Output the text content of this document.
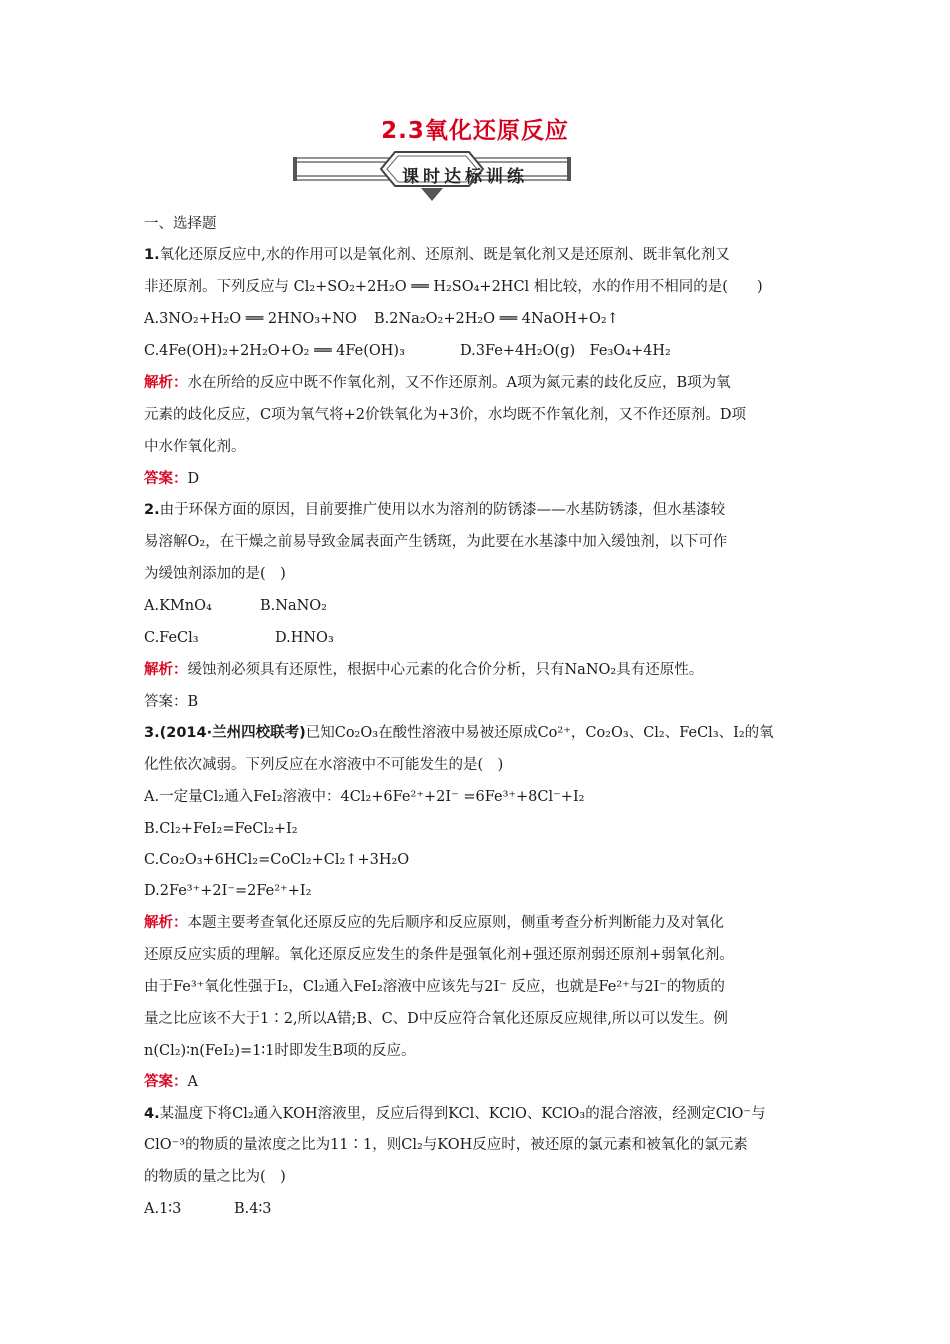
2.3氧化还原反应
课时达标训练
一、选择题
1.氧化还原反应中,水的作用可以是氧化剂、还原剂、既是氧化剂又是还原剂、既非氧化剂又
非还原剂。下列反应与 Cl₂+SO₂+2H₂O ══ H₂SO₄+2HCl 相比较，水的作用不相同的是(　　)
A.3NO₂+H₂O ══ 2HNO₃+NO B.2Na₂O₂+2H₂O ══ 4NaOH+O₂↑
C.4Fe(OH)₂+2H₂O+O₂ ══ 4Fe(OH)₃	D.3Fe+4H₂O(g)　Fe₃O₄+4H₂
解析：水在所给的反应中既不作氧化剂，又不作还原剂。A项为氮元素的歧化反应，B项为氧
元素的歧化反应，C项为氧气将+2价铁氧化为+3价，水均既不作氧化剂，又不作还原剂。D项
中水作氧化剂。
答案：D
2.由于环保方面的原因，目前要推广使用以水为溶剂的防锈漆——水基防锈漆，但水基漆较
易溶解O₂，在干燥之前易导致金属表面产生锈斑，为此要在水基漆中加入缓蚀剂，以下可作
为缓蚀剂添加的是(　)
A.KMnO₄	B.NaNO₂
C.FeCl₃	D.HNO₃
解析：缓蚀剂必须具有还原性，根据中心元素的化合价分析，只有NaNO₂具有还原性。
答案：B
3.(2014·兰州四校联考)已知Co₂O₃在酸性溶液中易被还原成Co²⁺，Co₂O₃、Cl₂、FeCl₃、I₂的氧
化性依次减弱。下列反应在水溶液中不可能发生的是(　)
A.一定量Cl₂通入FeI₂溶液中：4Cl₂+6Fe²⁺+2I⁻ =6Fe³⁺+8Cl⁻+I₂
B.Cl₂+FeI₂=FeCl₂+I₂
C.Co₂O₃+6HCl₂=CoCl₂+Cl₂↑+3H₂O
D.2Fe³⁺+2I⁻=2Fe²⁺+I₂
解析：本题主要考查氧化还原反应的先后顺序和反应原则，侧重考查分析判断能力及对氧化
还原反应实质的理解。氧化还原反应发生的条件是强氧化剂+强还原剂弱还原剂+弱氧化剂。
由于Fe³⁺氧化性强于I₂，Cl₂通入FeI₂溶液中应该先与2I⁻ 反应，也就是Fe²⁺与2I⁻的物质的
量之比应该不大于1∶2,所以A错;B、C、D中反应符合氧化还原反应规律,所以可以发生。例
n(Cl₂)∶n(FeI₂)=1∶1时即发生B项的反应。
答案：A
4.某温度下将Cl₂通入KOH溶液里，反应后得到KCl、KClO、KClO₃的混合溶液，经测定ClO⁻与
ClO⁻³的物质的量浓度之比为11∶1，则Cl₂与KOH反应时，被还原的氯元素和被氧化的氯元素
的物质的量之比为(　)
A.1∶3	B.4∶3
